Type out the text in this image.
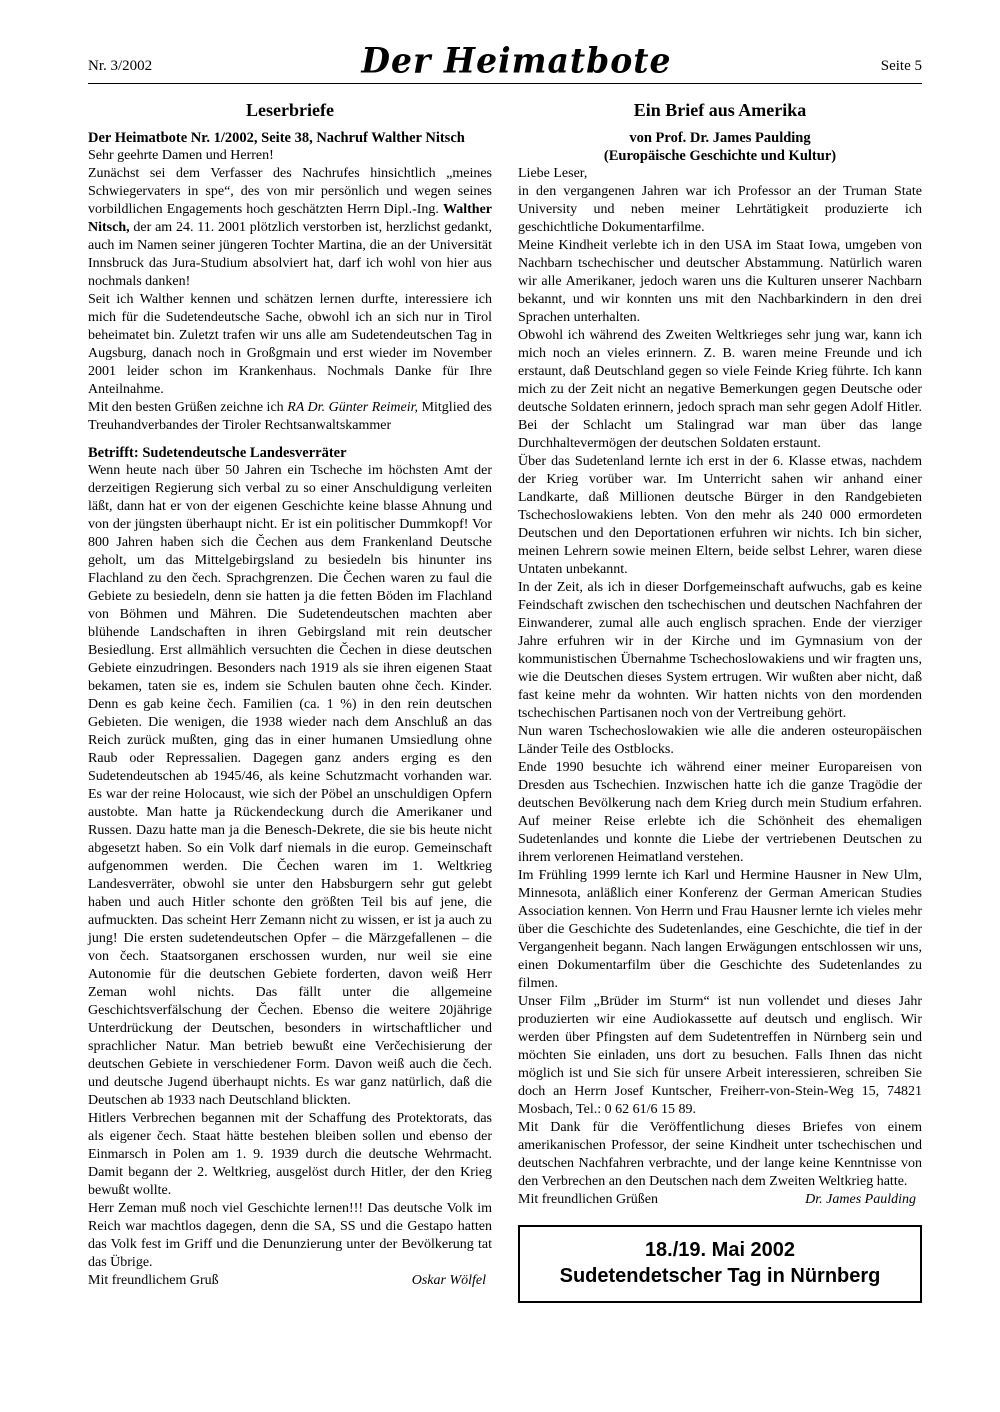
Nr. 3/2002	Der Heimatbote	Seite 5
Leserbriefe
Der Heimatbote Nr. 1/2002, Seite 38, Nachruf Walther Nitsch

Sehr geehrte Damen und Herren!

Zunächst sei dem Verfasser des Nachrufes hinsichtlich „meines Schwiegervaters in spe“, des von mir persönlich und wegen seines vorbildlichen Engagements hoch geschätzten Herrn Dipl.-Ing. Walther Nitsch, der am 24. 11. 2001 plötzlich verstorben ist, herzlichst gedankt, auch im Namen seiner jüngeren Tochter Martina, die an der Universität Innsbruck das Jura-Studium absolviert hat, darf ich wohl von hier aus nochmals danken!

Seit ich Walther kennen und schätzen lernen durfte, interessiere ich mich für die Sudetendeutsche Sache, obwohl ich an sich nur in Tirol beheimatet bin. Zuletzt trafen wir uns alle am Sudetendeutschen Tag in Augsburg, danach noch in Großgmain und erst wieder im November 2001 leider schon im Krankenhaus. Nochmals Danke für Ihre Anteilnahme.

Mit den besten Grüßen zeichne ich RA Dr. Günter Reimeir, Mitglied des Treuhandverbandes der Tiroler Rechtsanwaltskammer

Betrifft: Sudetendeutsche Landesverräter

Wenn heute nach über 50 Jahren ein Tscheche im höchsten Amt der derzeitigen Regierung sich verbal zu so einer Anschuldigung verleiten läßt, dann hat er von der eigenen Geschichte keine blasse Ahnung und von der jüngsten überhaupt nicht. Er ist ein politischer Dummkopf! Vor 800 Jahren haben sich die Čechen aus dem Frankenland Deutsche geholt, um das Mittelgebirgsland zu besiedeln bis hinunter ins Flachland zu den čech. Sprachgrenzen. Die Čechen waren zu faul die Gebiete zu besiedeln, denn sie hatten ja die fetten Böden im Flachland von Böhmen und Mähren. Die Sudetendeutschen machten aber blühende Landschaften in ihren Gebirgsland mit rein deutscher Besiedlung. Erst allmählich versuchten die Čechen in diese deutschen Gebiete einzudringen. Besonders nach 1919 als sie ihren eigenen Staat bekamen, taten sie es, indem sie Schulen bauten ohne čech. Kinder. Denn es gab keine čech. Familien (ca. 1 %) in den rein deutschen Gebieten. Die wenigen, die 1938 wieder nach dem Anschluß an das Reich zurück mußten, ging das in einer humanen Umsiedlung ohne Raub oder Repressalien. Dagegen ganz anders erging es den Sudetendeutschen ab 1945/46, als keine Schutzmacht vorhanden war. Es war der reine Holocaust, wie sich der Pöbel an unschuldigen Opfern austobte. Man hatte ja Rückendeckung durch die Amerikaner und Russen. Dazu hatte man ja die Benesch-Dekrete, die sie bis heute nicht abgesetzt haben. So ein Volk darf niemals in die europ. Gemeinschaft aufgenommen werden. Die Čechen waren im 1. Weltkrieg Landesverräter, obwohl sie unter den Habsburgern sehr gut gelebt haben und auch Hitler schonte den größten Teil bis auf jene, die aufmuckten. Das scheint Herr Zemann nicht zu wissen, er ist ja auch zu jung! Die ersten sudetendeutschen Opfer – die Märzgefallenen – die von čech. Staatsorganen erschossen wurden, nur weil sie eine Autonomie für die deutschen Gebiete forderten, davon weiß Herr Zeman wohl nichts. Das fällt unter die allgemeine Geschichtsverfälschung der Čechen. Ebenso die weitere 20jährige Unterdrückung der Deutschen, besonders in wirtschaftlicher und sprachlicher Natur. Man betrieb bewußt eine Verčechisierung der deutschen Gebiete in verschiedener Form. Davon weiß auch die čech. und deutsche Jugend überhaupt nichts. Es war ganz natürlich, daß die Deutschen ab 1933 nach Deutschland blickten.

Hitlers Verbrechen begannen mit der Schaffung des Protektorats, das als eigener čech. Staat hätte bestehen bleiben sollen und ebenso der Einmarsch in Polen am 1. 9. 1939 durch die deutsche Wehrmacht. Damit begann der 2. Weltkrieg, ausgelöst durch Hitler, der den Krieg bewußt wollte.

Herr Zeman muß noch viel Geschichte lernen!!! Das deutsche Volk im Reich war machtlos dagegen, denn die SA, SS und die Gestapo hatten das Volk fest im Griff und die Denunzierung unter der Bevölkerung tat das Übrige.

Mit freundlichem Gruß	Oskar Wölfel
Ein Brief aus Amerika

von Prof. Dr. James Paulding

(Europäische Geschichte und Kultur)

Liebe Leser,

in den vergangenen Jahren war ich Professor an der Truman State University und neben meiner Lehrtätigkeit produzierte ich geschichtliche Dokumentarfilme.

Meine Kindheit verlebte ich in den USA im Staat Iowa, umgeben von Nachbarn tschechischer und deutscher Abstammung. Natürlich waren wir alle Amerikaner, jedoch waren uns die Kulturen unserer Nachbarn bekannt, und wir konnten uns mit den Nachbarkindern in den drei Sprachen unterhalten.

Obwohl ich während des Zweiten Weltkrieges sehr jung war, kann ich mich noch an vieles erinnern. Z. B. waren meine Freunde und ich erstaunt, daß Deutschland gegen so viele Feinde Krieg führte. Ich kann mich zu der Zeit nicht an negative Bemerkungen gegen Deutsche oder deutsche Soldaten erinnern, jedoch sprach man sehr gegen Adolf Hitler. Bei der Schlacht um Stalingrad war man über das lange Durchhaltevermögen der deutschen Soldaten erstaunt.

Über das Sudetenland lernte ich erst in der 6. Klasse etwas, nachdem der Krieg vorüber war. Im Unterricht sahen wir anhand einer Landkarte, daß Millionen deutsche Bürger in den Randgebieten Tschechoslowakiens lebten. Von den mehr als 240 000 ermordeten Deutschen und den Deportationen erfuhren wir nichts. Ich bin sicher, meinen Lehrern sowie meinen Eltern, beide selbst Lehrer, waren diese Untaten unbekannt.

In der Zeit, als ich in dieser Dorfgemeinschaft aufwuchs, gab es keine Feindschaft zwischen den tschechischen und deutschen Nachfahren der Einwanderer, zumal alle auch englisch sprachen. Ende der vierziger Jahre erfuhren wir in der Kirche und im Gymnasium von der kommunistischen Übernahme Tschechoslowakiens und wir fragten uns, wie die Deutschen dieses System ertrugen. Wir wußten aber nicht, daß fast keine mehr da wohnten. Wir hatten nichts von den mordenden tschechischen Partisanen noch von der Vertreibung gehört.

Nun waren Tschechoslowakien wie alle die anderen osteuropäischen Länder Teile des Ostblocks.

Ende 1990 besuchte ich während einer meiner Europareisen von Dresden aus Tschechien. Inzwischen hatte ich die ganze Tragödie der deutschen Bevölkerung nach dem Krieg durch mein Studium erfahren. Auf meiner Reise erlebte ich die Schönheit des ehemaligen Sudetenlandes und konnte die Liebe der vertriebenen Deutschen zu ihrem verlorenen Heimatland verstehen.

Im Frühling 1999 lernte ich Karl und Hermine Hausner in New Ulm, Minnesota, anläßlich einer Konferenz der German American Studies Association kennen. Von Herrn und Frau Hausner lernte ich vieles mehr über die Geschichte des Sudetenlandes, eine Geschichte, die tief in der Vergangenheit begann. Nach langen Erwägungen entschlossen wir uns, einen Dokumentarfilm über die Geschichte des Sudetenlandes zu filmen.

Unser Film „Brüder im Sturm“ ist nun vollendet und dieses Jahr produzierten wir eine Audiokassette auf deutsch und englisch. Wir werden über Pfingsten auf dem Sudetentreffen in Nürnberg sein und möchten Sie einladen, uns dort zu besuchen. Falls Ihnen das nicht möglich ist und Sie sich für unsere Arbeit interessieren, schreiben Sie doch an Herrn Josef Kuntscher, Freiherr-von-Stein-Weg 15, 74821 Mosbach, Tel.: 0 62 61/6 15 89.

Mit Dank für die Veröffentlichung dieses Briefes von einem amerikanischen Professor, der seine Kindheit unter tschechischen und deutschen Nachfahren verbrachte, und der lange keine Kenntnisse von den Verbrechen an den Deutschen nach dem Zweiten Weltkrieg hatte.

Mit freundlichen Grüßen	Dr. James Paulding
18./19. Mai 2002
Sudetendetscher Tag in Nürnberg
